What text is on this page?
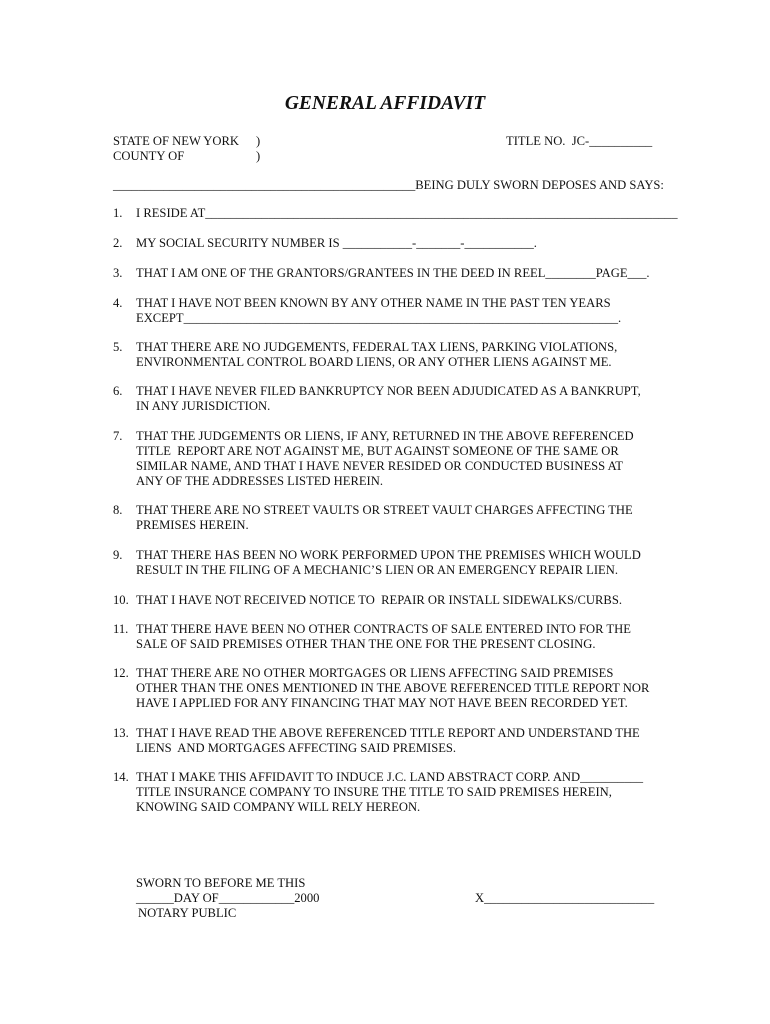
GENERAL AFFIDAVIT
STATE OF NEW YORK )
COUNTY OF	)
TITLE NO.  JC-__________
________________________________________________BEING DULY SWORN DEPOSES AND SAYS:
1. I RESIDE AT___________________________________________________________________________
2. MY SOCIAL SECURITY NUMBER IS ___________-_______-___________.
3. THAT I AM ONE OF THE GRANTORS/GRANTEES IN THE DEED IN REEL________PAGE___.
4. THAT I HAVE NOT BEEN KNOWN BY ANY OTHER NAME IN THE PAST TEN YEARS
EXCEPT_____________________________________________________________________.
5. THAT THERE ARE NO JUDGEMENTS, FEDERAL TAX LIENS, PARKING VIOLATIONS,
ENVIRONMENTAL CONTROL BOARD LIENS, OR ANY OTHER LIENS AGAINST ME.
6. THAT I HAVE NEVER FILED BANKRUPTCY NOR BEEN ADJUDICATED AS A BANKRUPT,
IN ANY JURISDICTION.
7. THAT THE JUDGEMENTS OR LIENS, IF ANY, RETURNED IN THE ABOVE REFERENCED
TITLE  REPORT ARE NOT AGAINST ME, BUT AGAINST SOMEONE OF THE SAME OR
SIMILAR NAME, AND THAT I HAVE NEVER RESIDED OR CONDUCTED BUSINESS AT
ANY OF THE ADDRESSES LISTED HEREIN.
8. THAT THERE ARE NO STREET VAULTS OR STREET VAULT CHARGES AFFECTING THE
PREMISES HEREIN.
9. THAT THERE HAS BEEN NO WORK PERFORMED UPON THE PREMISES WHICH WOULD
RESULT IN THE FILING OF A MECHANIC’S LIEN OR AN EMERGENCY REPAIR LIEN.
10. THAT I HAVE NOT RECEIVED NOTICE TO  REPAIR OR INSTALL SIDEWALKS/CURBS.
11. THAT THERE HAVE BEEN NO OTHER CONTRACTS OF SALE ENTERED INTO FOR THE
SALE OF SAID PREMISES OTHER THAN THE ONE FOR THE PRESENT CLOSING.
12. THAT THERE ARE NO OTHER MORTGAGES OR LIENS AFFECTING SAID PREMISES
OTHER THAN THE ONES MENTIONED IN THE ABOVE REFERENCED TITLE REPORT NOR
HAVE I APPLIED FOR ANY FINANCING THAT MAY NOT HAVE BEEN RECORDED YET.
13. THAT I HAVE READ THE ABOVE REFERENCED TITLE REPORT AND UNDERSTAND THE
LIENS  AND MORTGAGES AFFECTING SAID PREMISES.
14. THAT I MAKE THIS AFFIDAVIT TO INDUCE J.C. LAND ABSTRACT CORP. AND__________
TITLE INSURANCE COMPANY TO INSURE THE TITLE TO SAID PREMISES HEREIN,
KNOWING SAID COMPANY WILL RELY HEREON.
SWORN TO BEFORE ME THIS
______DAY OF____________2000
NOTARY PUBLIC
X___________________________
